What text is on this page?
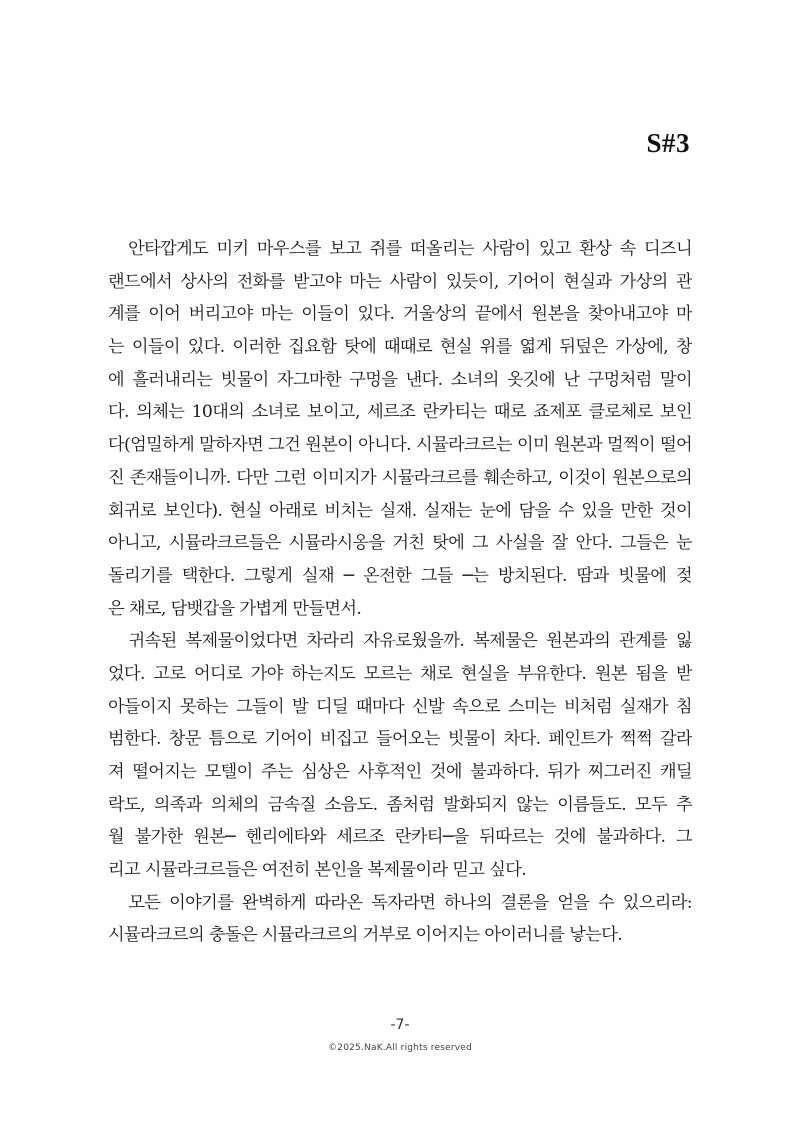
S#3
　안타깝게도 미키 마우스를 보고 쥐를 떠올리는 사람이 있고 환상 속 디즈니
랜드에서 상사의 전화를 받고야 마는 사람이 있듯이, 기어이 현실과 가상의 관
계를 이어 버리고야 마는 이들이 있다. 거울상의 끝에서 원본을 찾아내고야 마
는 이들이 있다. 이러한 집요함 탓에 때때로 현실 위를 엷게 뒤덮은 가상에, 창
에 흘러내리는 빗물이 자그마한 구멍을 낸다. 소녀의 옷깃에 난 구멍처럼 말이
다. 의체는 10대의 소녀로 보이고, 세르조 란카티는 때로 죠제포 클로체로 보인
다(엄밀하게 말하자면 그건 원본이 아니다. 시뮬라크르는 이미 원본과 멀찍이 떨어
진 존재들이니까. 다만 그런 이미지가 시뮬라크르를 훼손하고, 이것이 원본으로의
회귀로 보인다). 현실 아래로 비치는 실재. 실재는 눈에 담을 수 있을 만한 것이
아니고, 시뮬라크르들은 시뮬라시옹을 거친 탓에 그 사실을 잘 안다. 그들은 눈
돌리기를 택한다. 그렇게 실재 ─ 온전한 그들 ─는 방치된다. 땀과 빗물에 젖
은 채로, 담뱃갑을 가볍게 만들면서.
　귀속된 복제물이었다면 차라리 자유로웠을까. 복제물은 원본과의 관계를 잃
었다. 고로 어디로 가야 하는지도 모르는 채로 현실을 부유한다. 원본 됨을 받
아들이지 못하는 그들이 발 디딜 때마다 신발 속으로 스미는 비처럼 실재가 침
범한다. 창문 틈으로 기어이 비집고 들어오는 빗물이 차다. 페인트가 쩍쩍 갈라
져 떨어지는 모텔이 주는 심상은 사후적인 것에 불과하다. 뒤가 찌그러진 캐딜
락도, 의족과 의체의 금속질 소음도. 좀처럼 발화되지 않는 이름들도. 모두 추
월 불가한 원본─ 헨리에타와 세르조 란카티─을 뒤따르는 것에 불과하다. 그
리고 시뮬라크르들은 여전히 본인을 복제물이라 믿고 싶다.
　모든 이야기를 완벽하게 따라온 독자라면 하나의 결론을 얻을 수 있으리라:
시뮬라크르의 충돌은 시뮬라크르의 거부로 이어지는 아이러니를 낳는다.
-7-
©2025.NaK.All rights reserved
